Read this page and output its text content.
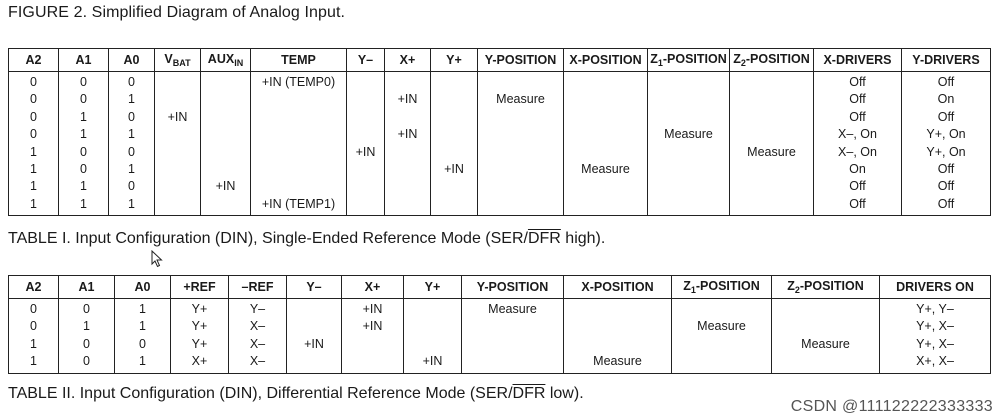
FIGURE 2. Simplified Diagram of Analog Input.
A2	A1	A0	$V_{BAT}$	$AUX_{IN}$	TEMP	Y–	X+	Y+	Y-POSITION	X-POSITION	$Z_1$-POSITION	$Z_2$-POSITION	X-DRIVERS	Y-DRIVERS
0	0	0			+IN (TEMP0)								Off	Off
0	0	1					+IN		Measure				Off	On
0	1	0	+IN										Off	Off
0	1	1					+IN				Measure		X–, On	Y+, On
1	0	0				+IN						Measure	X–, On	Y+, On
1	0	1						+IN		Measure			On	Off
1	1	0		+IN									Off	Off
1	1	1			+IN (TEMP1)								Off	Off
TABLE I. Input Configuration (DIN), Single-Ended Reference Mode ($SER/\overline{DFR}$ high).
A2	A1	A0	+REF	–REF	Y–	X+	Y+	Y-POSITION	X-POSITION	$Z_1$-POSITION	$Z_2$-POSITION	DRIVERS ON
0	0	1	Y+	Y–		+IN		Measure				Y+, Y–
0	1	1	Y+	X–		+IN				Measure		Y+, X–
1	0	0	Y+	X–	+IN						Measure	Y+, X–
1	0	1	X+	X–			+IN		Measure			X+, X–
TABLE II. Input Configuration (DIN), Differential Reference Mode ($SER/\overline{DFR}$ low).
CSDN @111122222333333
